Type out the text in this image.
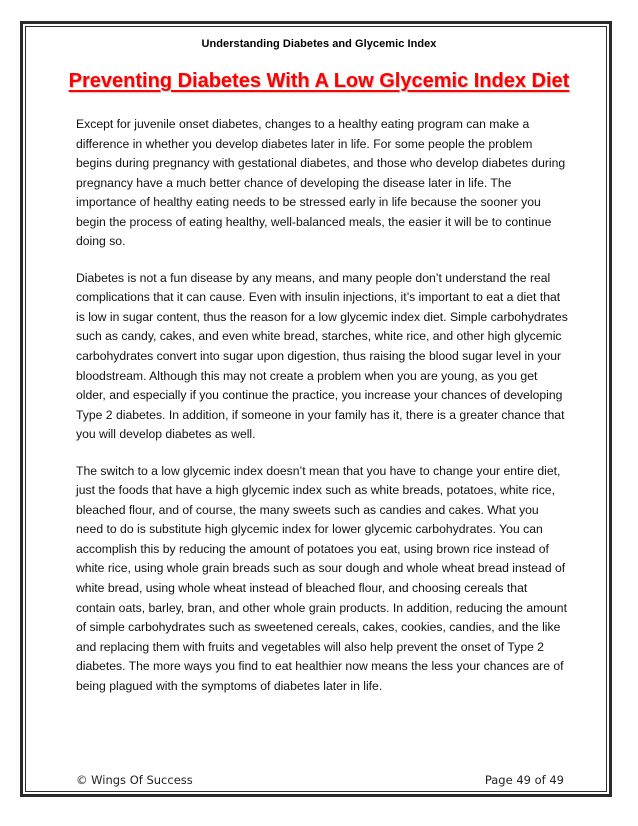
Understanding Diabetes and Glycemic Index
Preventing Diabetes With A Low Glycemic Index Diet

Except for juvenile onset diabetes, changes to a healthy eating program can make a difference in whether you develop diabetes later in life. For some people the problem begins during pregnancy with gestational diabetes, and those who develop diabetes during pregnancy have a much better chance of developing the disease later in life. The importance of healthy eating needs to be stressed early in life because the sooner you begin the process of eating healthy, well-balanced meals, the easier it will be to continue doing so.

Diabetes is not a fun disease by any means, and many people don’t understand the real complications that it can cause. Even with insulin injections, it’s important to eat a diet that is low in sugar content, thus the reason for a low glycemic index diet. Simple carbohydrates such as candy, cakes, and even white bread, starches, white rice, and other high glycemic carbohydrates convert into sugar upon digestion, thus raising the blood sugar level in your bloodstream. Although this may not create a problem when you are young, as you get older, and especially if you continue the practice, you increase your chances of developing Type 2 diabetes. In addition, if someone in your family has it, there is a greater chance that you will develop diabetes as well.

The switch to a low glycemic index doesn’t mean that you have to change your entire diet, just the foods that have a high glycemic index such as white breads, potatoes, white rice, bleached flour, and of course, the many sweets such as candies and cakes. What you need to do is substitute high glycemic index for lower glycemic carbohydrates. You can accomplish this by reducing the amount of potatoes you eat, using brown rice instead of white rice, using whole grain breads such as sour dough and whole wheat bread instead of white bread, using whole wheat instead of bleached flour, and choosing cereals that contain oats, barley, bran, and other whole grain products. In addition, reducing the amount of simple carbohydrates such as sweetened cereals, cakes, cookies, candies, and the like and replacing them with fruits and vegetables will also help prevent the onset of Type 2 diabetes. The more ways you find to eat healthier now means the less your chances are of being plagued with the symptoms of diabetes later in life.

© Wings Of Success	Page 49 of 49
